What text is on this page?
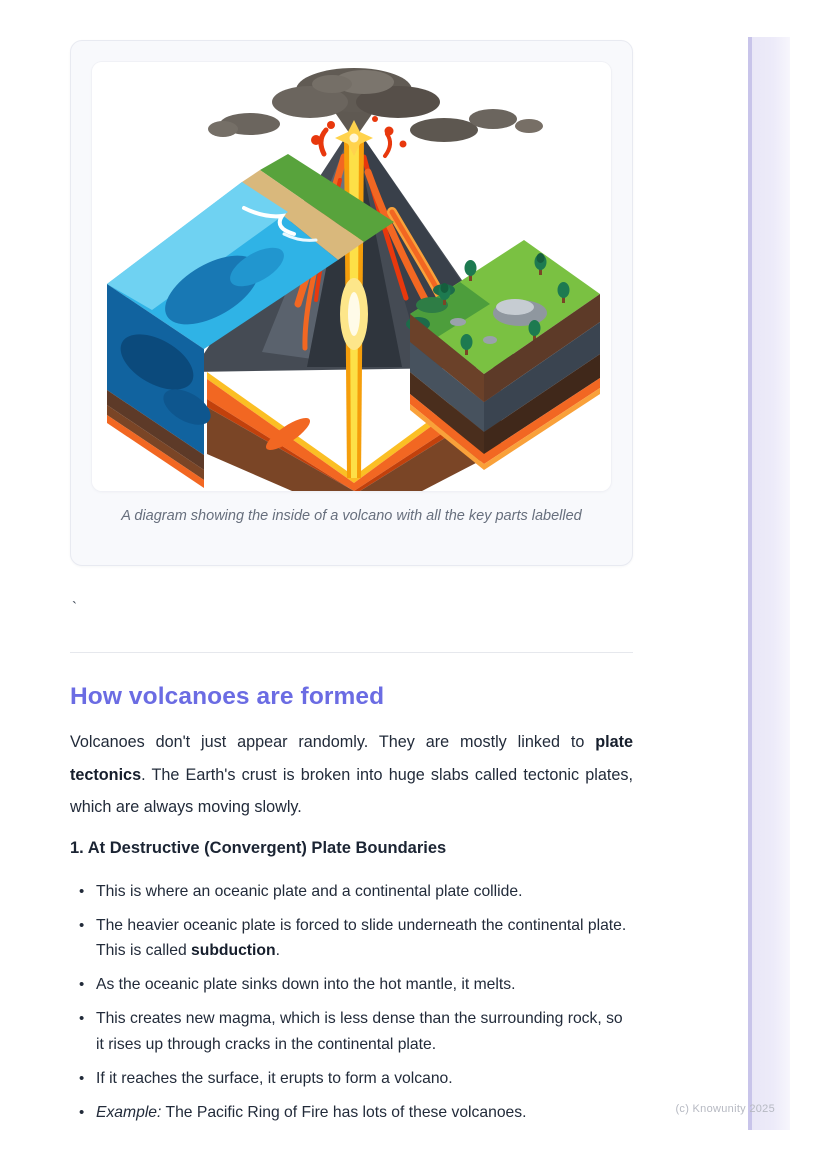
A diagram showing the inside of a volcano with all the key parts labelled
`
How volcanoes are formed

Volcanoes don't just appear randomly. They are mostly linked to plate tectonics. The Earth's crust is broken into huge slabs called tectonic plates, which are always moving slowly.

1. At Destructive (Convergent) Plate Boundaries
• This is where an oceanic plate and a continental plate collide.
• The heavier oceanic plate is forced to slide underneath the continental plate. This is called subduction.
• As the oceanic plate sinks down into the hot mantle, it melts.
• This creates new magma, which is less dense than the surrounding rock, so it rises up through cracks in the continental plate.
• If it reaches the surface, it erupts to form a volcano.
• Example: The Pacific Ring of Fire has lots of these volcanoes.	(c) Knowunity 2025
